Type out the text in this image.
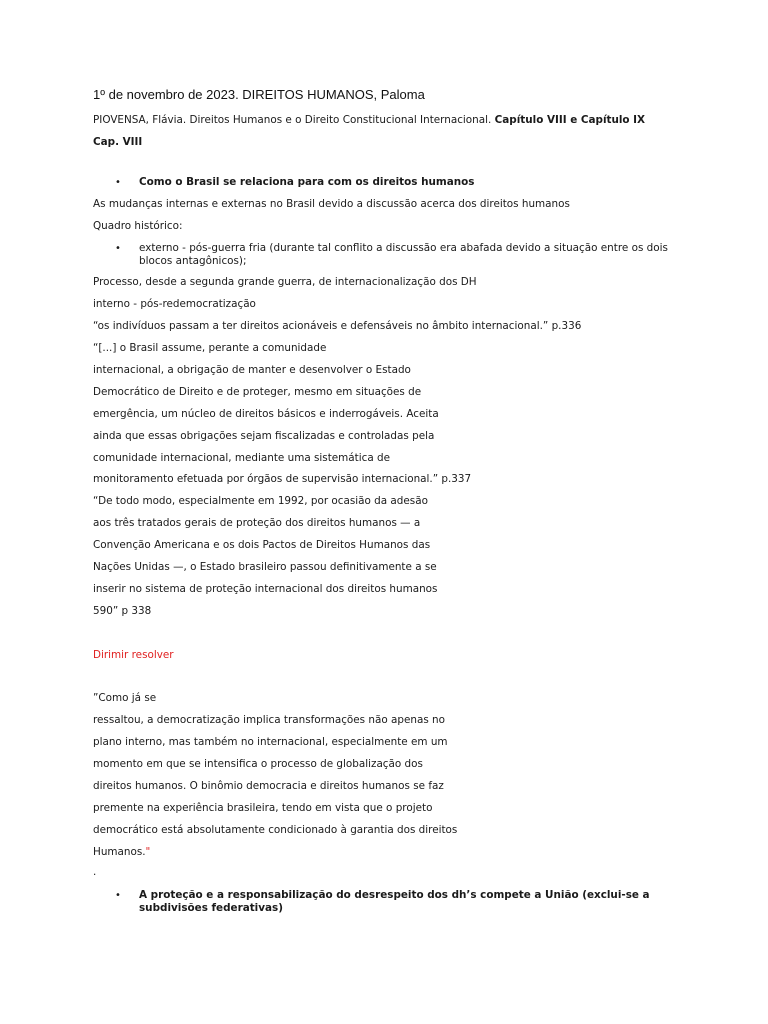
1º de novembro de 2023. DIREITOS HUMANOS, Paloma
PIOVENSA, Flávia. Direitos Humanos e o Direito Constitucional Internacional. Capítulo VIII e Capítulo IX
Cap. VIII
• Como o Brasil se relaciona para com os direitos humanos
As mudanças internas e externas no Brasil devido a discussão acerca dos direitos humanos
Quadro histórico:
• externo - pós-guerra fria (durante tal conflito a discussão era abafada devido a situação entre os dois blocos antagônicos);
Processo, desde a segunda grande guerra, de internacionalização dos DH
interno - pós-redemocratização
“os indivíduos passam a ter direitos acionáveis e defensáveis no âmbito internacional.” p.336
“[...] o Brasil assume, perante a comunidade
internacional, a obrigação de manter e desenvolver o Estado
Democrático de Direito e de proteger, mesmo em situações de
emergência, um núcleo de direitos básicos e inderrogáveis. Aceita
ainda que essas obrigações sejam fiscalizadas e controladas pela
comunidade internacional, mediante uma sistemática de
monitoramento efetuada por órgãos de supervisão internacional.” p.337
“De todo modo, especialmente em 1992, por ocasião da adesão
aos três tratados gerais de proteção dos direitos humanos — a
Convenção Americana e os dois Pactos de Direitos Humanos das
Nações Unidas —, o Estado brasileiro passou definitivamente a se
inserir no sistema de proteção internacional dos direitos humanos
590” p 338
Dirimir resolver
”Como já se
ressaltou, a democratização implica transformações não apenas no
plano interno, mas também no internacional, especialmente em um
momento em que se intensifica o processo de globalização dos
direitos humanos. O binômio democracia e direitos humanos se faz
premente na experiência brasileira, tendo em vista que o projeto
democrático está absolutamente condicionado à garantia dos direitos
Humanos."
.
• A proteção e a responsabilização do desrespeito dos dh’s compete a União (exclui-se a subdivisões federativas)
